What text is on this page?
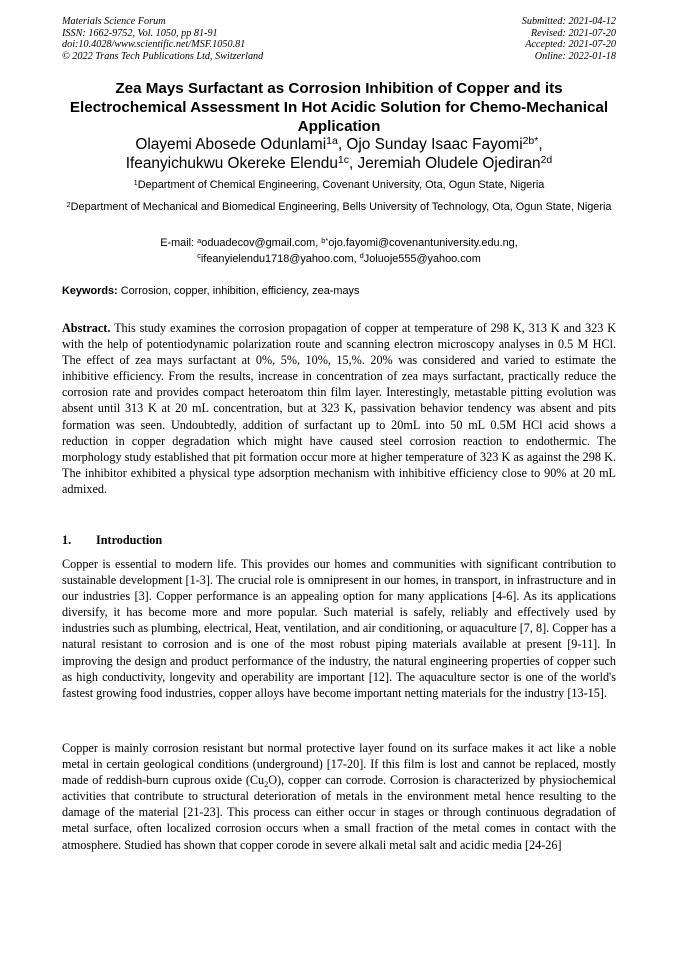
Materials Science Forum
ISSN: 1662-9752, Vol. 1050, pp 81-91
doi:10.4028/www.scientific.net/MSF.1050.81
© 2022 Trans Tech Publications Ltd, Switzerland
Submitted: 2021-04-12
Revised: 2021-07-20
Accepted: 2021-07-20
Online: 2022-01-18
Zea Mays Surfactant as Corrosion Inhibition of Copper and its Electrochemical Assessment In Hot Acidic Solution for Chemo-Mechanical Application
Olayemi Abosede Odunlami$^{1a}$, Ojo Sunday Isaac Fayomi$^{2b*}$,
Ifeanyichukwu Okereke Elendu$^{1c}$, Jeremiah Oludele Ojediran$^{2d}$
$^1$Department of Chemical Engineering, Covenant University, Ota, Ogun State, Nigeria
$^2$Department of Mechanical and Biomedical Engineering, Bells University of Technology, Ota, Ogun State, Nigeria
E-mail: $^a$oduadecov@gmail.com, $^{b*}$ojo.fayomi@covenantuniversity.edu.ng,
$^c$ifeanyielendu1718@yahoo.com, $^d$Joluoje555@yahoo.com
Keywords: Corrosion, copper, inhibition, efficiency, zea-mays
Abstract. This study examines the corrosion propagation of copper at temperature of 298 K, 313 K and 323 K with the help of potentiodynamic polarization route and scanning electron microscopy analyses in 0.5 M HCl. The effect of zea mays surfactant at 0%, 5%, 10%, 15,%. 20% was considered and varied to estimate the inhibitive efficiency. From the results, increase in concentration of zea mays surfactant, practically reduce the corrosion rate and provides compact heteroatom thin film layer. Interestingly, metastable pitting evolution was absent until 313 K at 20 mL concentration, but at 323 K, passivation behavior tendency was absent and pits formation was seen. Undoubtedly, addition of surfactant up to 20mL into 50 mL 0.5M HCl acid shows a reduction in copper degradation which might have caused steel corrosion reaction to endothermic. The morphology study established that pit formation occur more at higher temperature of 323 K as against the 298 K. The inhibitor exhibited a physical type adsorption mechanism with inhibitive efficiency close to 90% at 20 mL admixed.
1. Introduction
Copper is essential to modern life. This provides our homes and communities with significant contribution to sustainable development [1-3]. The crucial role is omnipresent in our homes, in transport, in infrastructure and in our industries [3]. Copper performance is an appealing option for many applications [4-6]. As its applications diversify, it has become more and more popular. Such material is safely, reliably and effectively used by industries such as plumbing, electrical, Heat, ventilation, and air conditioning, or aquaculture [7, 8]. Copper has a natural resistant to corrosion and is one of the most robust piping materials available at present [9-11]. In improving the design and product performance of the industry, the natural engineering properties of copper such as high conductivity, longevity and operability are important [12]. The aquaculture sector is one of the world's fastest growing food industries, copper alloys have become important netting materials for the industry [13-15].
Copper is mainly corrosion resistant but normal protective layer found on its surface makes it act like a noble metal in certain geological conditions (underground) [17-20]. If this film is lost and cannot be replaced, mostly made of reddish-burn cuprous oxide $(Cu_2O)$, copper can corrode. Corrosion is characterized by physiochemical activities that contribute to structural deterioration of metals in the environment metal hence resulting to the damage of the material [21-23]. This process can either occur in stages or through continuous degradation of metal surface, often localized corrosion occurs when a small fraction of the metal comes in contact with the atmosphere. Studied has shown that copper corode in severe alkali metal salt and acidic media [24-26]
